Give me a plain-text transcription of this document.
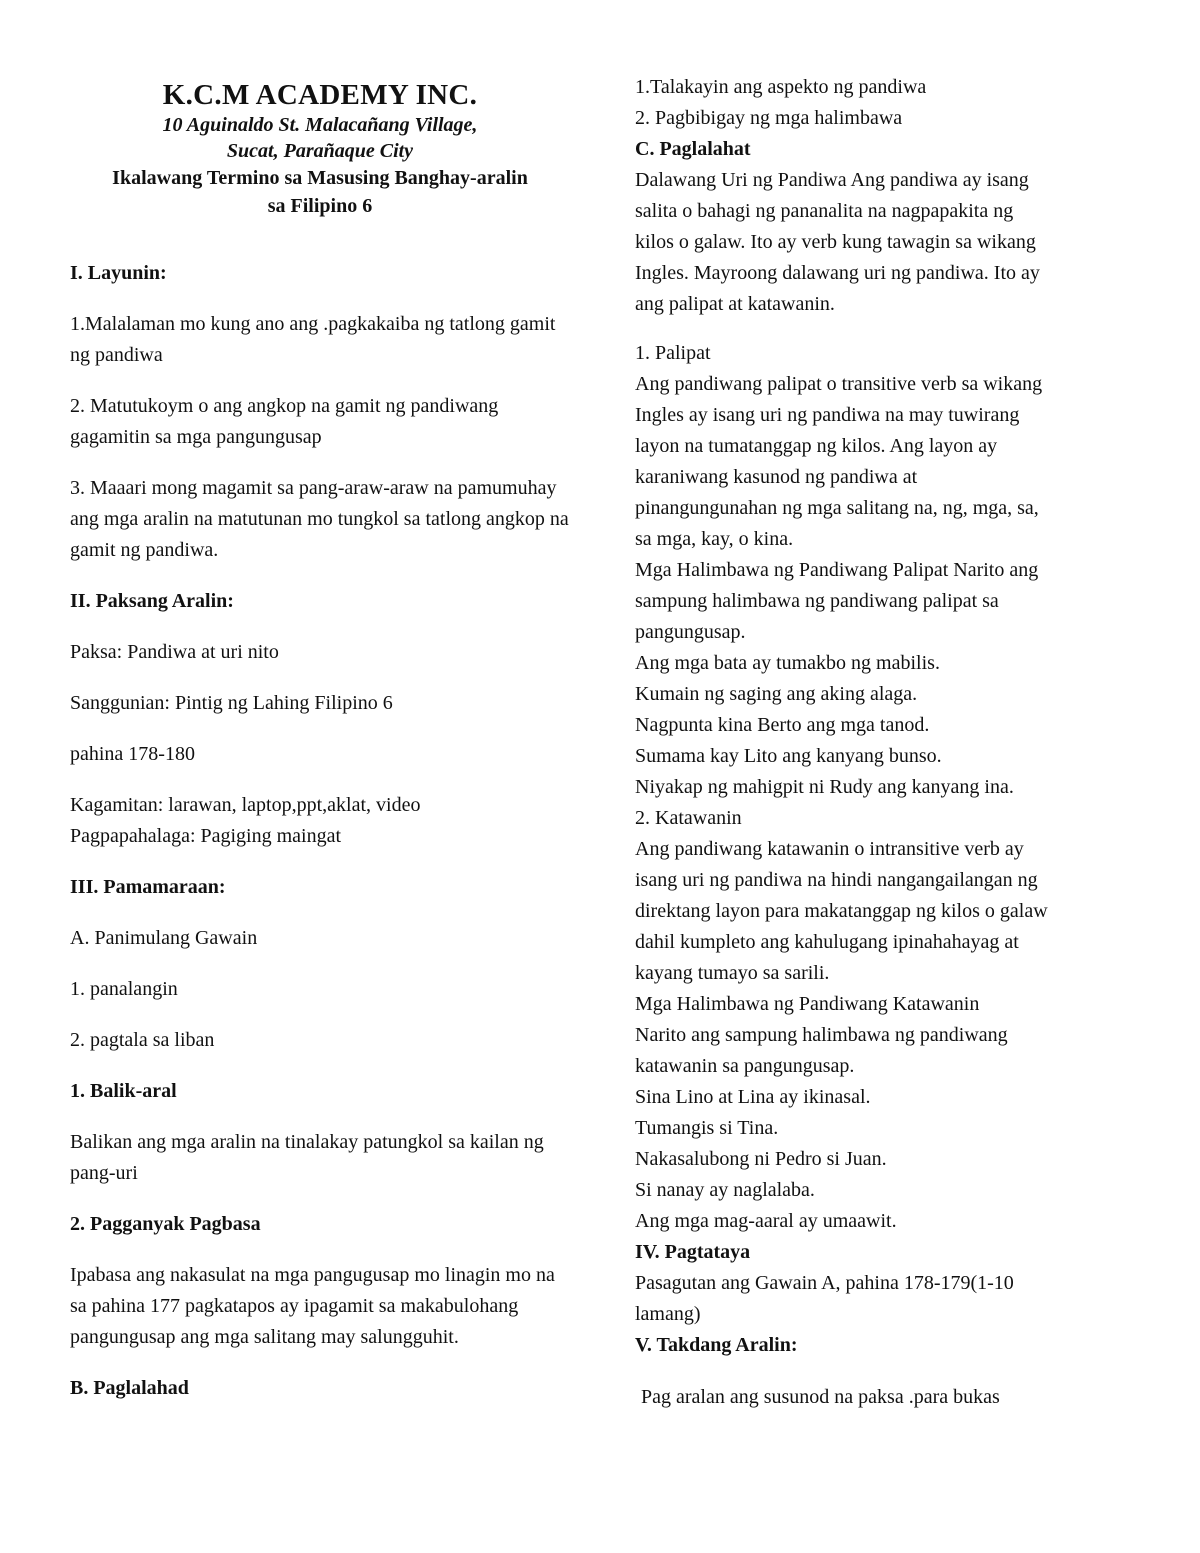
K.C.M ACADEMY INC.
10 Aguinaldo St. Malacañang Village,
Sucat, Parañaque City
Ikalawang Termino sa Masusing Banghay-aralin
sa Filipino 6
I. Layunin:
1.Malalaman mo kung ano ang .pagkakaiba ng tatlong gamit ng pandiwa
2. Matutukoym o ang angkop na gamit ng pandiwang gagamitin sa mga pangungusap
3. Maaari mong magamit sa pang-araw-araw na pamumuhay ang mga aralin na matutunan mo tungkol sa tatlong angkop na gamit ng pandiwa.
II. Paksang Aralin:
Paksa: Pandiwa at uri nito
Sanggunian: Pintig ng Lahing Filipino 6
pahina 178-180
Kagamitan: larawan, laptop,ppt,aklat, video
Pagpapahalaga: Pagiging maingat
III. Pamamaraan:
A. Panimulang Gawain
1. panalangin
2. pagtala sa liban
1. Balik-aral
Balikan ang mga aralin na tinalakay patungkol sa kailan ng pang-uri
2. Pagganyak Pagbasa
Ipabasa ang nakasulat na mga pangugusap mo linagin mo na sa pahina 177 pagkatapos ay ipagamit sa makabulohang pangungusap ang mga salitang may salungguhit.
B. Paglalahad
1.Talakayin ang aspekto ng pandiwa
2. Pagbibigay ng mga halimbawa
C. Paglalahat
Dalawang Uri ng Pandiwa Ang pandiwa ay isang
salita o bahagi ng pananalita na nagpapakita ng
kilos o galaw. Ito ay verb kung tawagin sa wikang
Ingles. Mayroong dalawang uri ng pandiwa. Ito ay
ang palipat at katawanin.
1. Palipat
Ang pandiwang palipat o transitive verb sa wikang
Ingles ay isang uri ng pandiwa na may tuwirang
layon na tumatanggap ng kilos. Ang layon ay
karaniwang kasunod ng pandiwa at
pinangungunahan ng mga salitang na, ng, mga, sa,
sa mga, kay, o kina.
Mga Halimbawa ng Pandiwang Palipat Narito ang
sampung halimbawa ng pandiwang palipat sa
pangungusap.
Ang mga bata ay tumakbo ng mabilis.
Kumain ng saging ang aking alaga.
Nagpunta kina Berto ang mga tanod.
Sumama kay Lito ang kanyang bunso.
Niyakap ng mahigpit ni Rudy ang kanyang ina.
2. Katawanin
Ang pandiwang katawanin o intransitive verb ay
isang uri ng pandiwa na hindi nangangailangan ng
direktang layon para makatanggap ng kilos o galaw
dahil kumpleto ang kahulugang ipinahahayag at
kayang tumayo sa sarili.
Mga Halimbawa ng Pandiwang Katawanin
Narito ang sampung halimbawa ng pandiwang
katawanin sa pangungusap.
Sina Lino at Lina ay ikinasal.
Tumangis si Tina.
Nakasalubong ni Pedro si Juan.
Si nanay ay naglalaba.
Ang mga mag-aaral ay umaawit.
IV. Pagtataya
Pasagutan ang Gawain A, pahina 178-179(1-10
lamang)
V. Takdang Aralin:
Pag aralan ang susunod na paksa .para bukas
